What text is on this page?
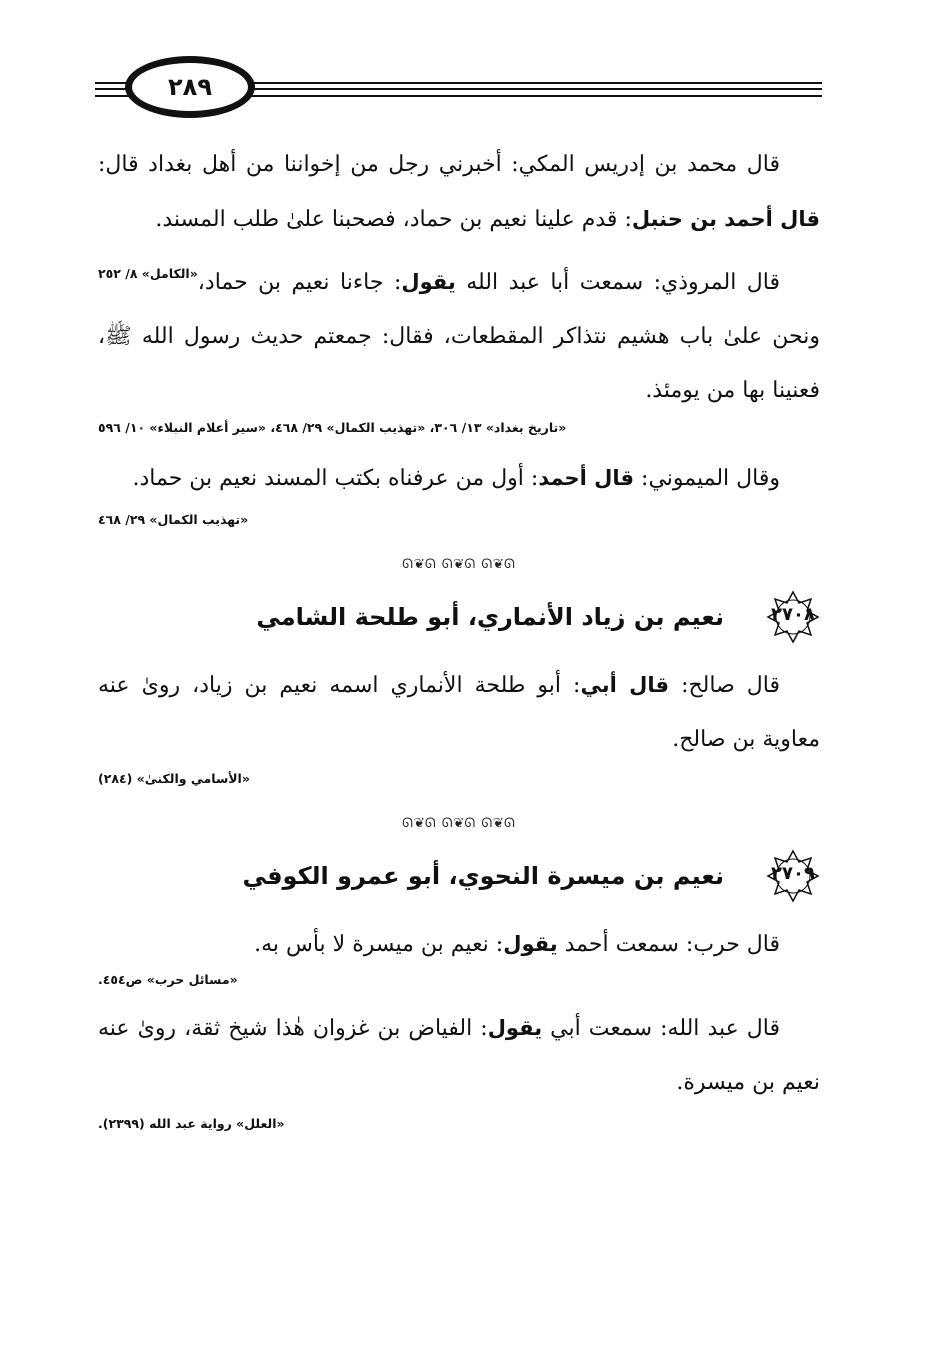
٢٨٩

قال محمد بن إدريس المكي: أخبرني رجل من إخواننا من أهل بغداد قال: قال أحمد بن حنبل: قدم علينا نعيم بن حماد، فصحبنا علىٰ طلب المسند.
«الكامل» ٨/ ٢٥٢	قال المروذي: سمعت أبا عبد الله يقول: جاءنا نعيم بن حماد، ونحن علىٰ باب هشيم نتذاكر المقطعات، فقال: جمعتم حديث رسول الله ﷺ، فعنينا بها من يومئذ.

«تاريخ بغداد» ١٣/ ٣٠٦، «تهذيب الكمال» ٢٩/ ٤٦٨، «سير أعلام النبلاء» ١٠/ ٥٩٦

وقال الميموني: قال أحمد: أول من عرفناه بكتب المسند نعيم بن حماد.

«تهذيب الكمال» ٢٩/ ٤٦٨

ᘏ❦ᘏ ᘏ❦ᘏ ᘏ❦ᘏ

٢٧٠٨
نعيم بن زياد الأنماري، أبو طلحة الشامي

قال صالح: قال أبي: أبو طلحة الأنماري اسمه نعيم بن زياد، روىٰ عنه معاوية بن صالح.

«الأسامي والكنىٰ» (٢٨٤)

ᘏ❦ᘏ ᘏ❦ᘏ ᘏ❦ᘏ

٢٧٠٩
نعيم بن ميسرة النحوي، أبو عمرو الكوفي

قال حرب: سمعت أحمد يقول: نعيم بن ميسرة لا بأس به.

«مسائل حرب» ص٤٥٤.

قال عبد الله: سمعت أبي يقول: الفياض بن غزوان هٰذا شيخ ثقة، روىٰ عنه نعيم بن ميسرة.

«العلل» رواية عبد الله (٢٣٩٩).
